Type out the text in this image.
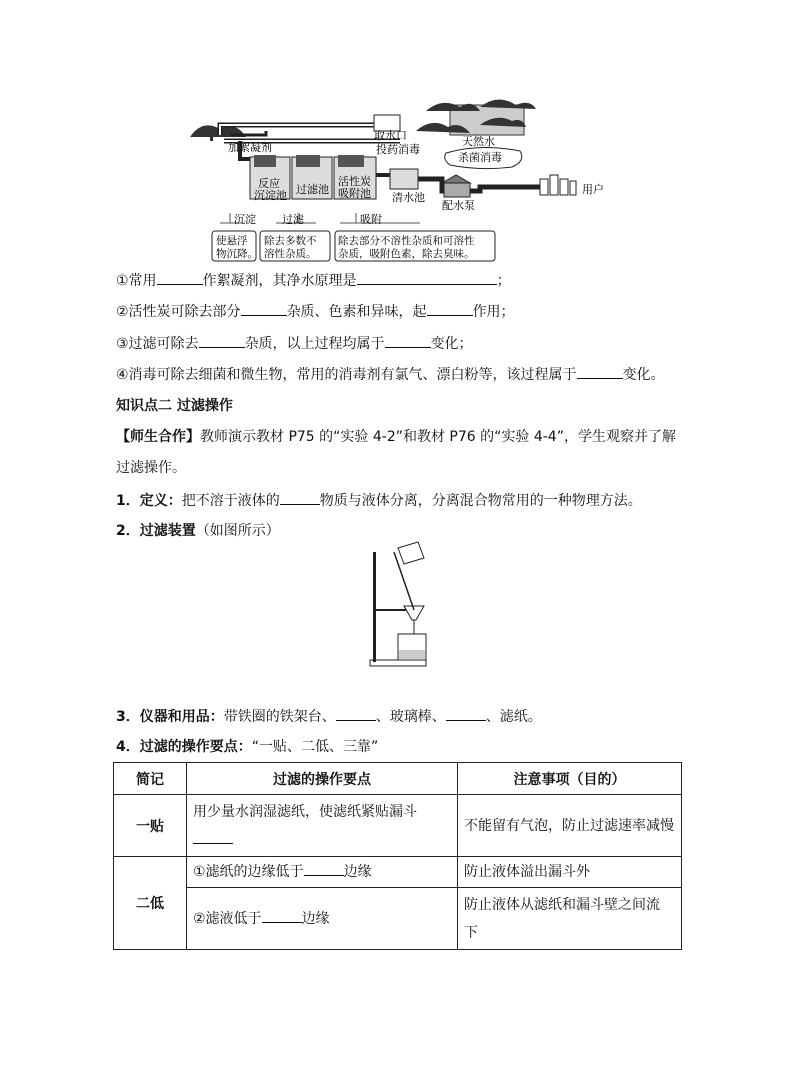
加絮凝剂
取水口
投药消毒
天然水
杀菌消毒
反应
沉淀池 过滤池
活性炭
吸附池 清水池
配水泵
用户
沉淀 过滤	吸附
使悬浮
物沉降。
除去多数不
溶性杂质。
除去部分不溶性杂质和可溶性
杂质，吸附色素，除去臭味。
①常用	作絮凝剂，其净水原理是	；
②活性炭可除去部分	杂质、色素和异味，起	作用；
③过滤可除去	杂质，以上过程均属于	变化；
④消毒可除去细菌和微生物，常用的消毒剂有氯气、漂白粉等，该过程属于	变化。
知识点二 过滤操作
【师生合作】教师演示教材 P75 的“实验 4-2”和教材 P76 的“实验 4-4”，学生观察并了解
过滤操作。
1．定义：把不溶于液体的	物质与液体分离，分离混合物常用的一种物理方法。
2．过滤装置（如图所示）
3．仪器和用品：带铁圈的铁架台、	、玻璃棒、	、滤纸。
4．过滤的操作要点：“一贴、二低、三靠”
简记	过滤的操作要点	注意事项（目的）
一贴	用少量水润湿滤纸，使滤纸紧贴漏斗	不能留有气泡，防止过滤速率减慢
二低	①滤纸的边缘低于 边缘	防止液体溢出漏斗外
	②滤液低于 边缘	防止液体从滤纸和漏斗壁之间流
下
